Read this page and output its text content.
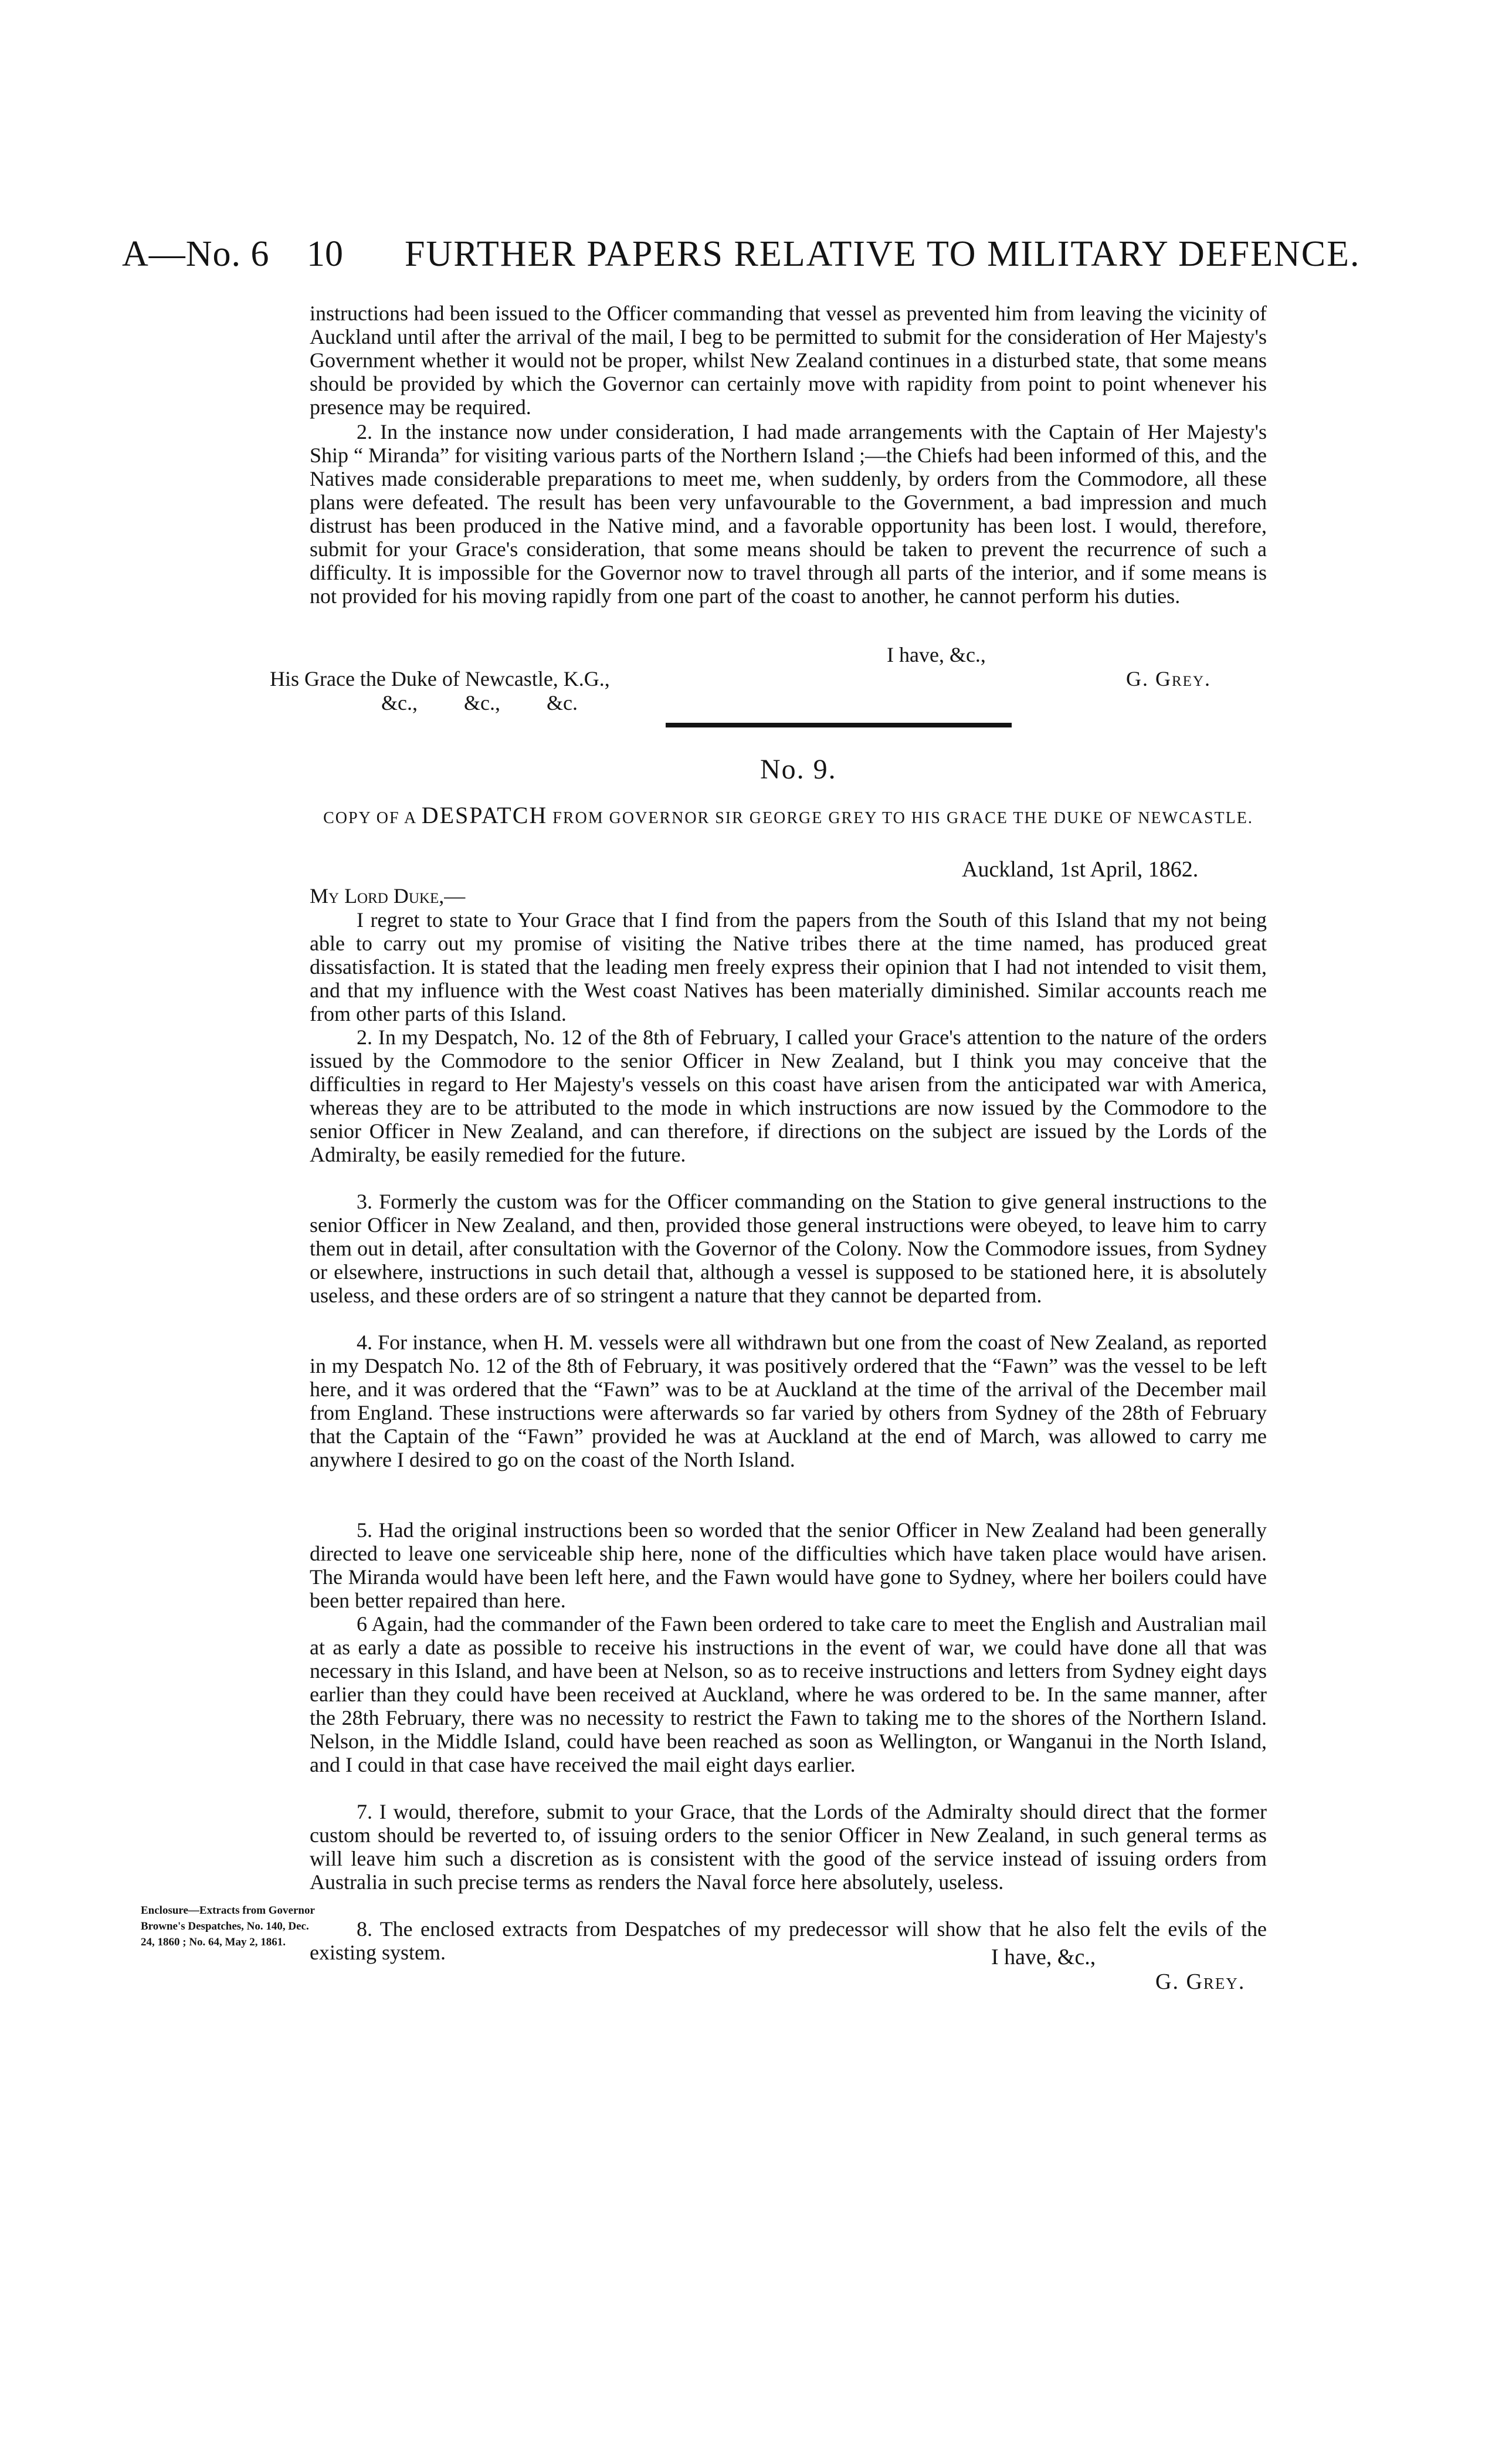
A—No. 6 10 FURTHER PAPERS RELATIVE TO MILITARY DEFENCE.
instructions had been issued to the Officer commanding that vessel as prevented him from leaving the vicinity of Auckland until after the arrival of the mail, I beg to be permitted to submit for the consideration of Her Majesty's Government whether it would not be proper, whilst New Zealand continues in a disturbed state, that some means should be provided by which the Governor can certainly move with rapidity from point to point whenever his presence may be required.
2. In the instance now under consideration, I had made arrangements with the Captain of Her Majesty's Ship “ Miranda” for visiting various parts of the Northern Island ;—the Chiefs had been informed of this, and the Natives made considerable preparations to meet me, when suddenly, by orders from the Commodore, all these plans were defeated. The result has been very unfavourable to the Government, a bad impression and much distrust has been produced in the Native mind, and a favorable opportunity has been lost. I would, therefore, submit for your Grace's consideration, that some means should be taken to prevent the recurrence of such a difficulty. It is impossible for the Governor now to travel through all parts of the interior, and if some means is not provided for his moving rapidly from one part of the coast to another, he cannot perform his duties.
I have, &c.,
His Grace the Duke of Newcastle, K.G.,	G. Grey.
&c., &c., &c.
No. 9.
COPY OF A DESPATCH FROM GOVERNOR SIR GEORGE GREY TO HIS GRACE THE DUKE OF NEWCASTLE.
Auckland, 1st April, 1862.
My Lord Duke,—
I regret to state to Your Grace that I find from the papers from the South of this Island that my not being able to carry out my promise of visiting the Native tribes there at the time named, has produced great dissatisfaction. It is stated that the leading men freely express their opinion that I had not intended to visit them, and that my influence with the West coast Natives has been materially diminished. Similar accounts reach me from other parts of this Island.
2. In my Despatch, No. 12 of the 8th of February, I called your Grace's attention to the nature of the orders issued by the Commodore to the senior Officer in New Zealand, but I think you may conceive that the difficulties in regard to Her Majesty's vessels on this coast have arisen from the anticipated war with America, whereas they are to be attributed to the mode in which instructions are now issued by the Commodore to the senior Officer in New Zealand, and can therefore, if directions on the subject are issued by the Lords of the Admiralty, be easily remedied for the future.
3. Formerly the custom was for the Officer commanding on the Station to give general instructions to the senior Officer in New Zealand, and then, provided those general instructions were obeyed, to leave him to carry them out in detail, after consultation with the Governor of the Colony. Now the Commodore issues, from Sydney or elsewhere, instructions in such detail that, although a vessel is supposed to be stationed here, it is absolutely useless, and these orders are of so stringent a nature that they cannot be departed from.
4. For instance, when H. M. vessels were all withdrawn but one from the coast of New Zealand, as reported in my Despatch No. 12 of the 8th of February, it was positively ordered that the “Fawn” was the vessel to be left here, and it was ordered that the “Fawn” was to be at Auckland at the time of the arrival of the December mail from England. These instructions were afterwards so far varied by others from Sydney of the 28th of February that the Captain of the “Fawn” provided he was at Auckland at the end of March, was allowed to carry me anywhere I desired to go on the coast of the North Island.
5. Had the original instructions been so worded that the senior Officer in New Zealand had been generally directed to leave one serviceable ship here, none of the difficulties which have taken place would have arisen. The Miranda would have been left here, and the Fawn would have gone to Sydney, where her boilers could have been better repaired than here.
6 Again, had the commander of the Fawn been ordered to take care to meet the English and Australian mail at as early a date as possible to receive his instructions in the event of war, we could have done all that was necessary in this Island, and have been at Nelson, so as to receive instructions and letters from Sydney eight days earlier than they could have been received at Auckland, where he was ordered to be. In the same manner, after the 28th February, there was no necessity to restrict the Fawn to taking me to the shores of the Northern Island. Nelson, in the Middle Island, could have been reached as soon as Wellington, or Wanganui in the North Island, and I could in that case have received the mail eight days earlier.
7. I would, therefore, submit to your Grace, that the Lords of the Admiralty should direct that the former custom should be reverted to, of issuing orders to the senior Officer in New Zealand, in such general terms as will leave him such a discretion as is consistent with the good of the service instead of issuing orders from Australia in such precise terms as renders the Naval force here absolutely, useless.
8. The enclosed extracts from Despatches of my predecessor will show that he also felt the evils of the existing system.
Enclosure—Extracts from Governor Browne's Despatches, No. 140, Dec. 24, 1860 ; No. 64, May 2, 1861.
I have, &c.,
G. Grey.
